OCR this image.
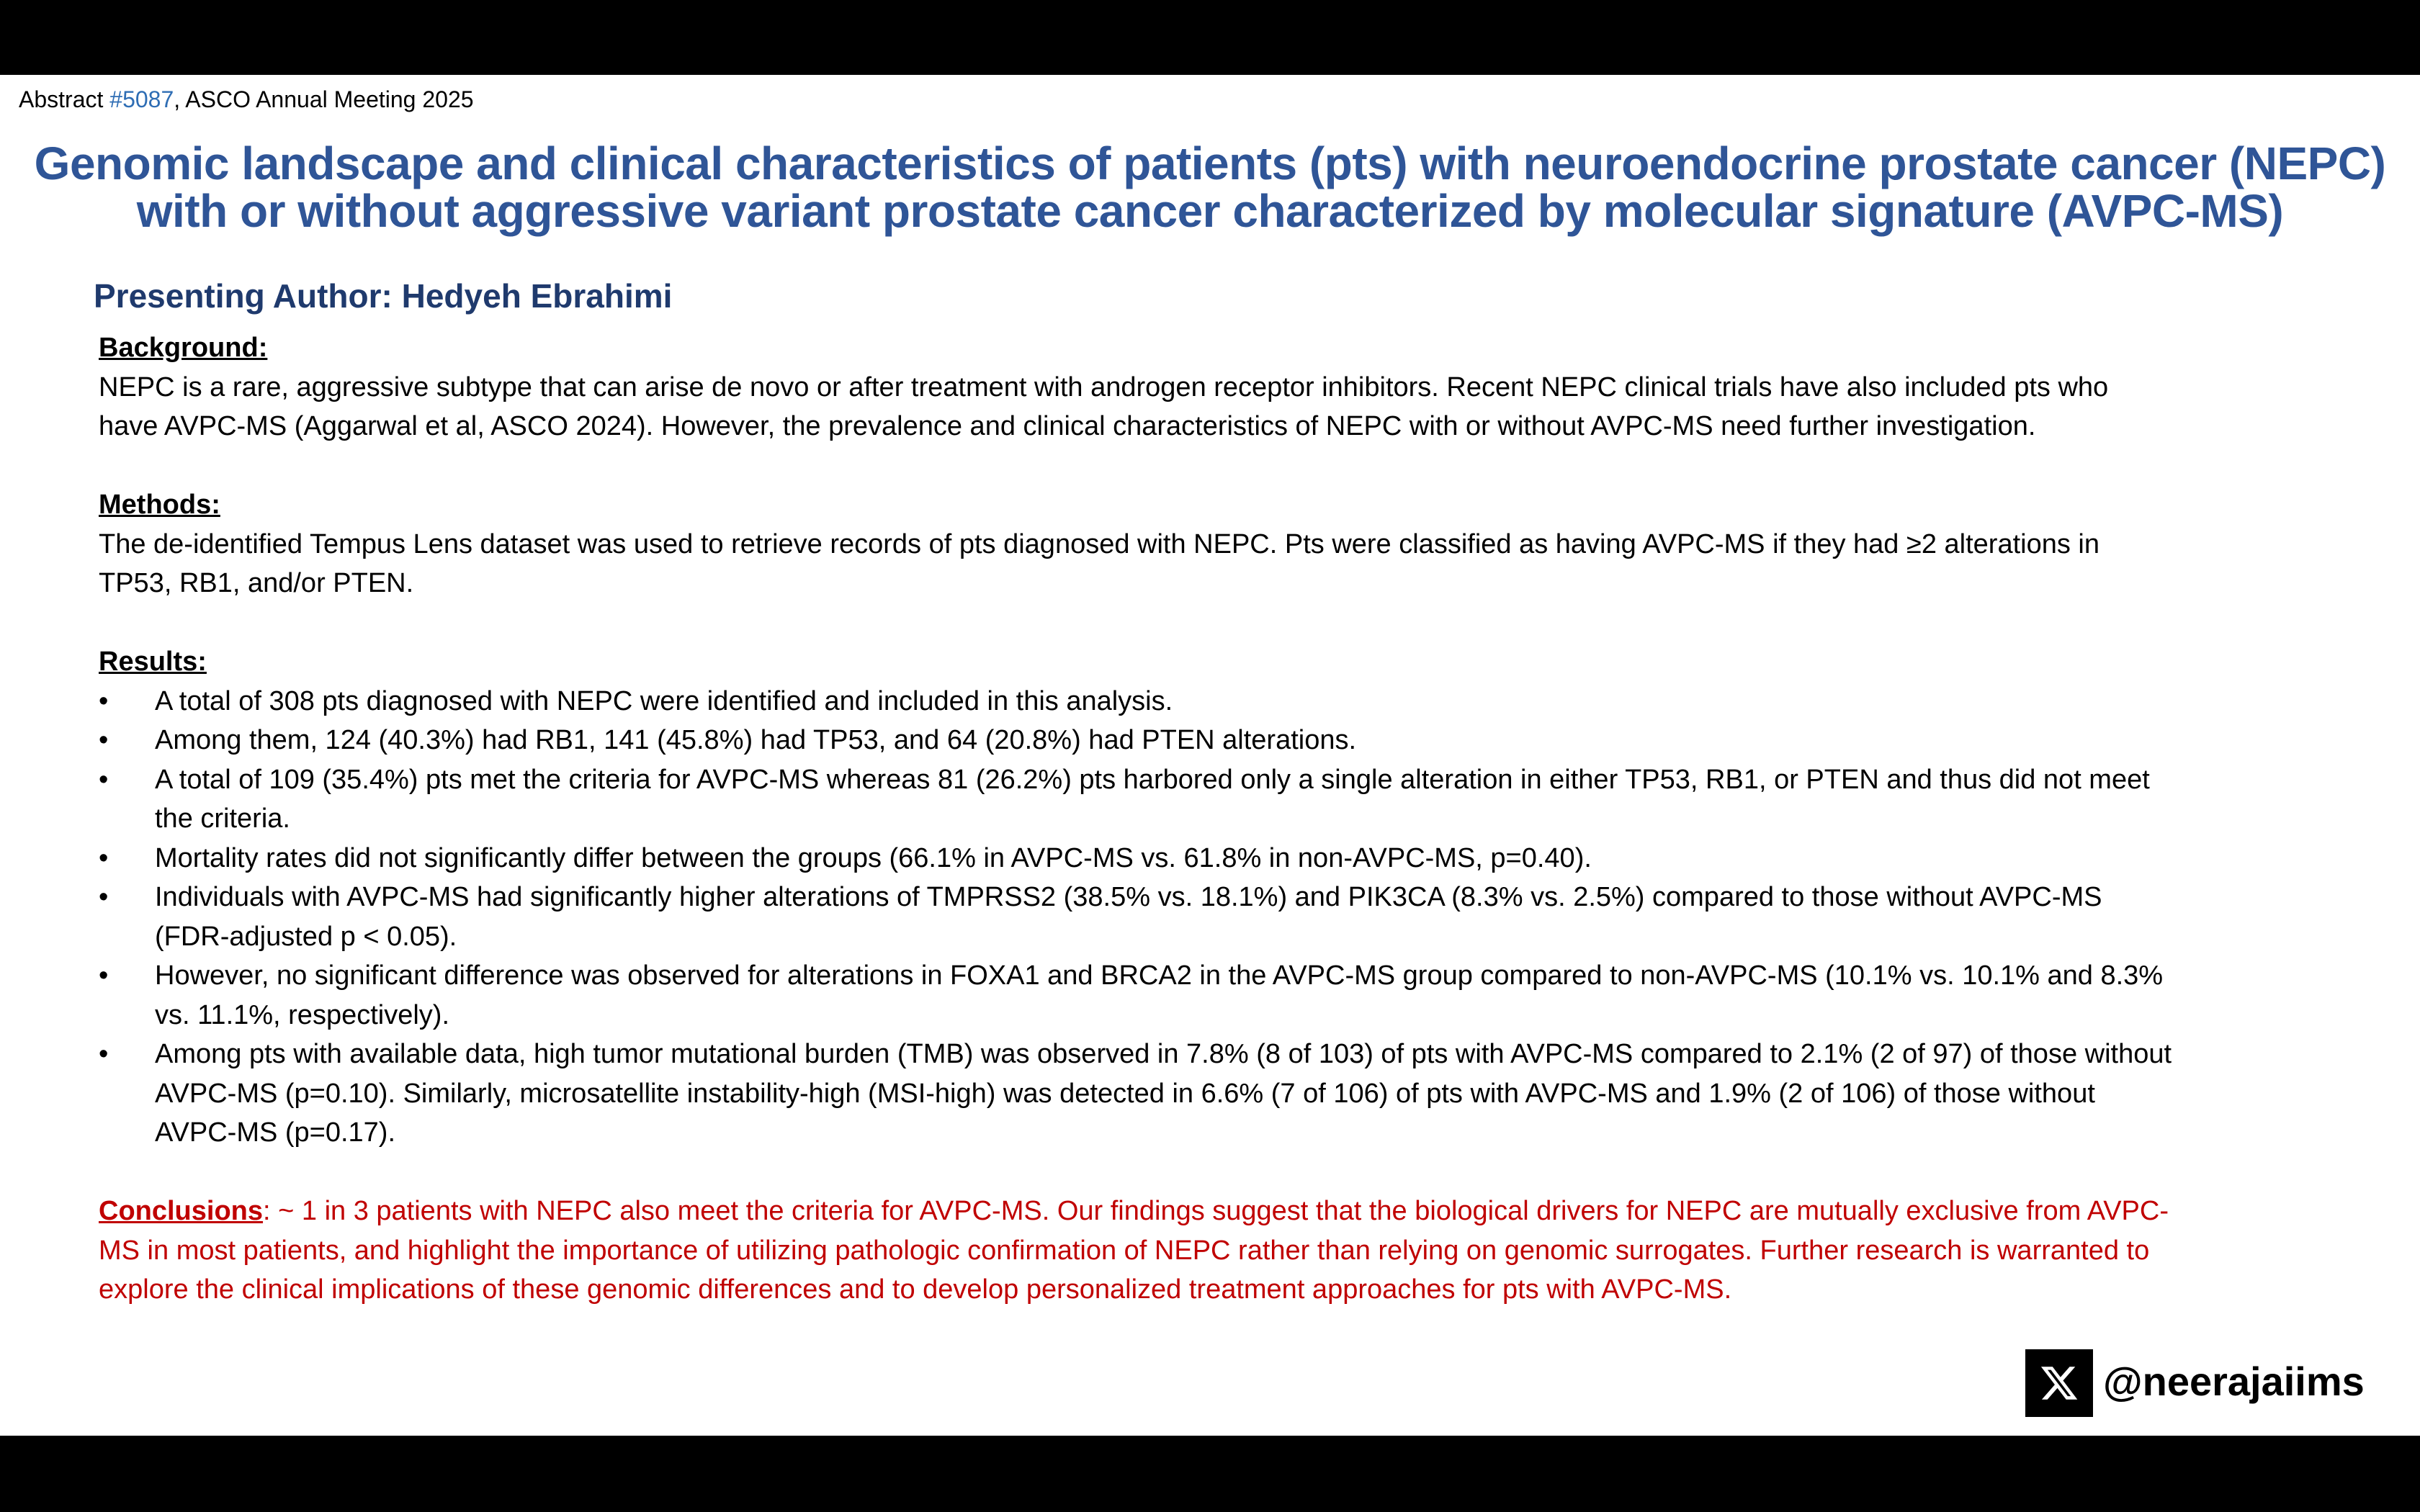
Abstract #5087, ASCO Annual Meeting 2025
Genomic landscape and clinical characteristics of patients (pts) with neuroendocrine prostate cancer (NEPC) with or without aggressive variant prostate cancer characterized by molecular signature (AVPC-MS)
Presenting Author: Hedyeh Ebrahimi

Background:

NEPC is a rare, aggressive subtype that can arise de novo or after treatment with androgen receptor inhibitors. Recent NEPC clinical trials have also included pts who have AVPC-MS (Aggarwal et al, ASCO 2024). However, the prevalence and clinical characteristics of NEPC with or without AVPC-MS need further investigation.

Methods:

The de-identified Tempus Lens dataset was used to retrieve records of pts diagnosed with NEPC. Pts were classified as having AVPC-MS if they had ≥2 alterations in TP53, RB1, and/or PTEN.

Results:

• A total of 308 pts diagnosed with NEPC were identified and included in this analysis.
• Among them, 124 (40.3%) had RB1, 141 (45.8%) had TP53, and 64 (20.8%) had PTEN alterations.
• A total of 109 (35.4%) pts met the criteria for AVPC-MS whereas 81 (26.2%) pts harbored only a single alteration in either TP53, RB1, or PTEN and thus did not meet the criteria.
• Mortality rates did not significantly differ between the groups (66.1% in AVPC-MS vs. 61.8% in non-AVPC-MS, p=0.40).
• Individuals with AVPC-MS had significantly higher alterations of TMPRSS2 (38.5% vs. 18.1%) and PIK3CA (8.3% vs. 2.5%) compared to those without AVPC-MS (FDR-adjusted p < 0.05).
• However, no significant difference was observed for alterations in FOXA1 and BRCA2 in the AVPC-MS group compared to non-AVPC-MS (10.1% vs. 10.1% and 8.3% vs. 11.1%, respectively).
• Among pts with available data, high tumor mutational burden (TMB) was observed in 7.8% (8 of 103) of pts with AVPC-MS compared to 2.1% (2 of 97) of those without AVPC-MS (p=0.10). Similarly, microsatellite instability-high (MSI-high) was detected in 6.6% (7 of 106) of pts with AVPC-MS and 1.9% (2 of 106) of those without AVPC-MS (p=0.17).

Conclusions: ~ 1 in 3 patients with NEPC also meet the criteria for AVPC-MS. Our findings suggest that the biological drivers for NEPC are mutually exclusive from AVPC-MS in most patients, and highlight the importance of utilizing pathologic confirmation of NEPC rather than relying on genomic surrogates. Further research is warranted to explore the clinical implications of these genomic differences and to develop personalized treatment approaches for pts with AVPC-MS.

@neerajaiims
